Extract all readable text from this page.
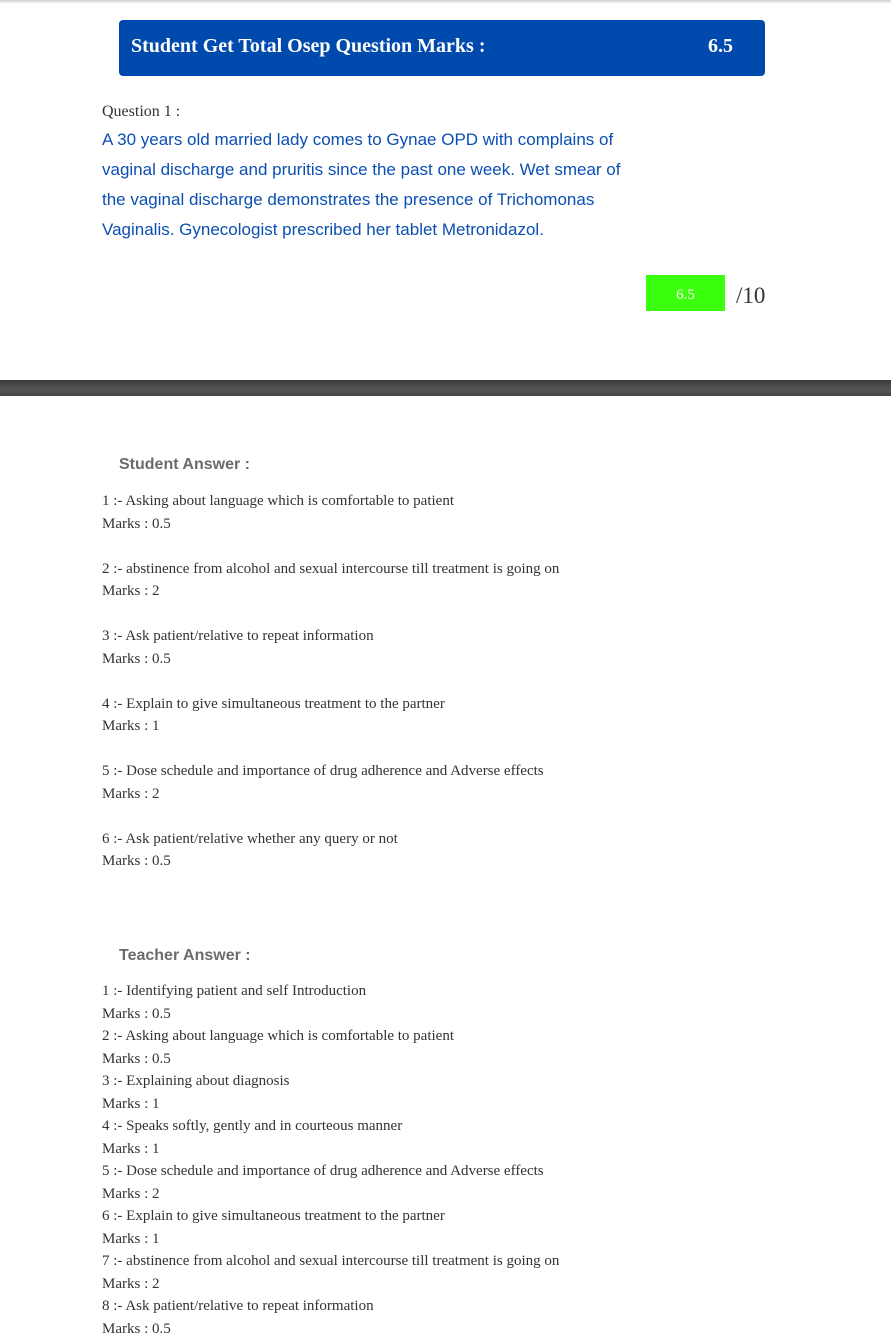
Student Get Total Osep Question Marks :	6.5
Question 1 :
A 30 years old married lady comes to Gynae OPD with complains of vaginal discharge and pruritis since the past one week. Wet smear of the vaginal discharge demonstrates the presence of Trichomonas Vaginalis. Gynecologist prescribed her tablet Metronidazol.
6.5	/10
Student Answer :
1 :- Asking about language which is comfortable to patient
Marks : 0.5
2 :- abstinence from alcohol and sexual intercourse till treatment is going on
Marks : 2
3 :- Ask patient/relative to repeat information
Marks : 0.5
4 :- Explain to give simultaneous treatment to the partner
Marks : 1
5 :- Dose schedule and importance of drug adherence and Adverse effects
Marks : 2
6 :- Ask patient/relative whether any query or not
Marks : 0.5
Teacher Answer :
1 :- Identifying patient and self Introduction
Marks : 0.5
2 :- Asking about language which is comfortable to patient
Marks : 0.5
3 :- Explaining about diagnosis
Marks : 1
4 :- Speaks softly, gently and in courteous manner
Marks : 1
5 :- Dose schedule and importance of drug adherence and Adverse effects
Marks : 2
6 :- Explain to give simultaneous treatment to the partner
Marks : 1
7 :- abstinence from alcohol and sexual intercourse till treatment is going on
Marks : 2
8 :- Ask patient/relative to repeat information
Marks : 0.5
